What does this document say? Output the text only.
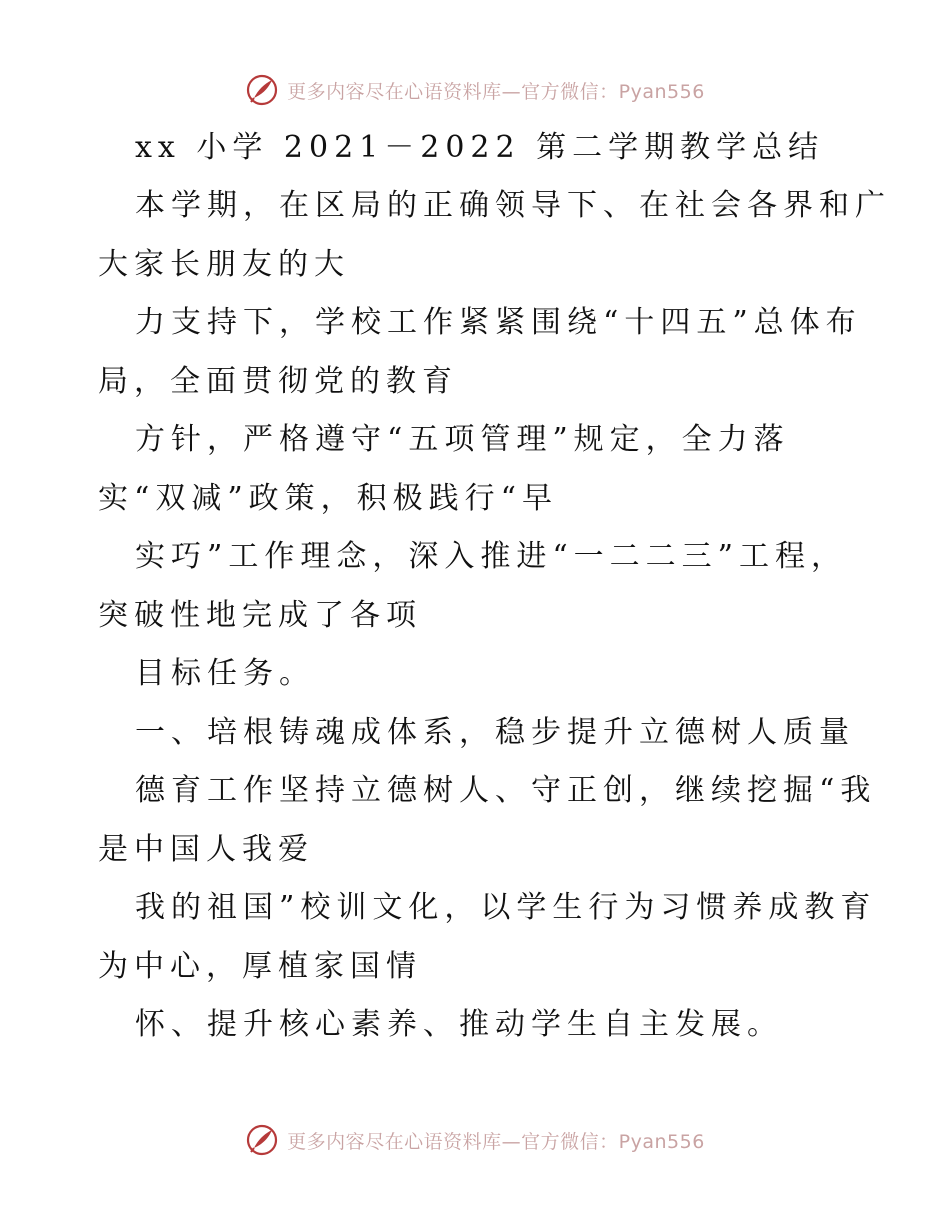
更多内容尽在心语资料库—官方微信：Pyan556
xx 小学 2021－2022 第二学期教学总结
本学期，在区局的正确领导下、在社会各界和广
大家长朋友的大
力支持下，学校工作紧紧围绕“十四五”总体布
局，全面贯彻党的教育
方针，严格遵守“五项管理”规定，全力落
实“双减”政策，积极践行“早
实巧”工作理念，深入推进“一二二三”工程，
突破性地完成了各项
目标任务。
一、培根铸魂成体系，稳步提升立德树人质量
德育工作坚持立德树人、守正创，继续挖掘“我
是中国人我爱
我的祖国”校训文化，以学生行为习惯养成教育
为中心，厚植家国情
怀、提升核心素养、推动学生自主发展。
更多内容尽在心语资料库—官方微信：Pyan556
